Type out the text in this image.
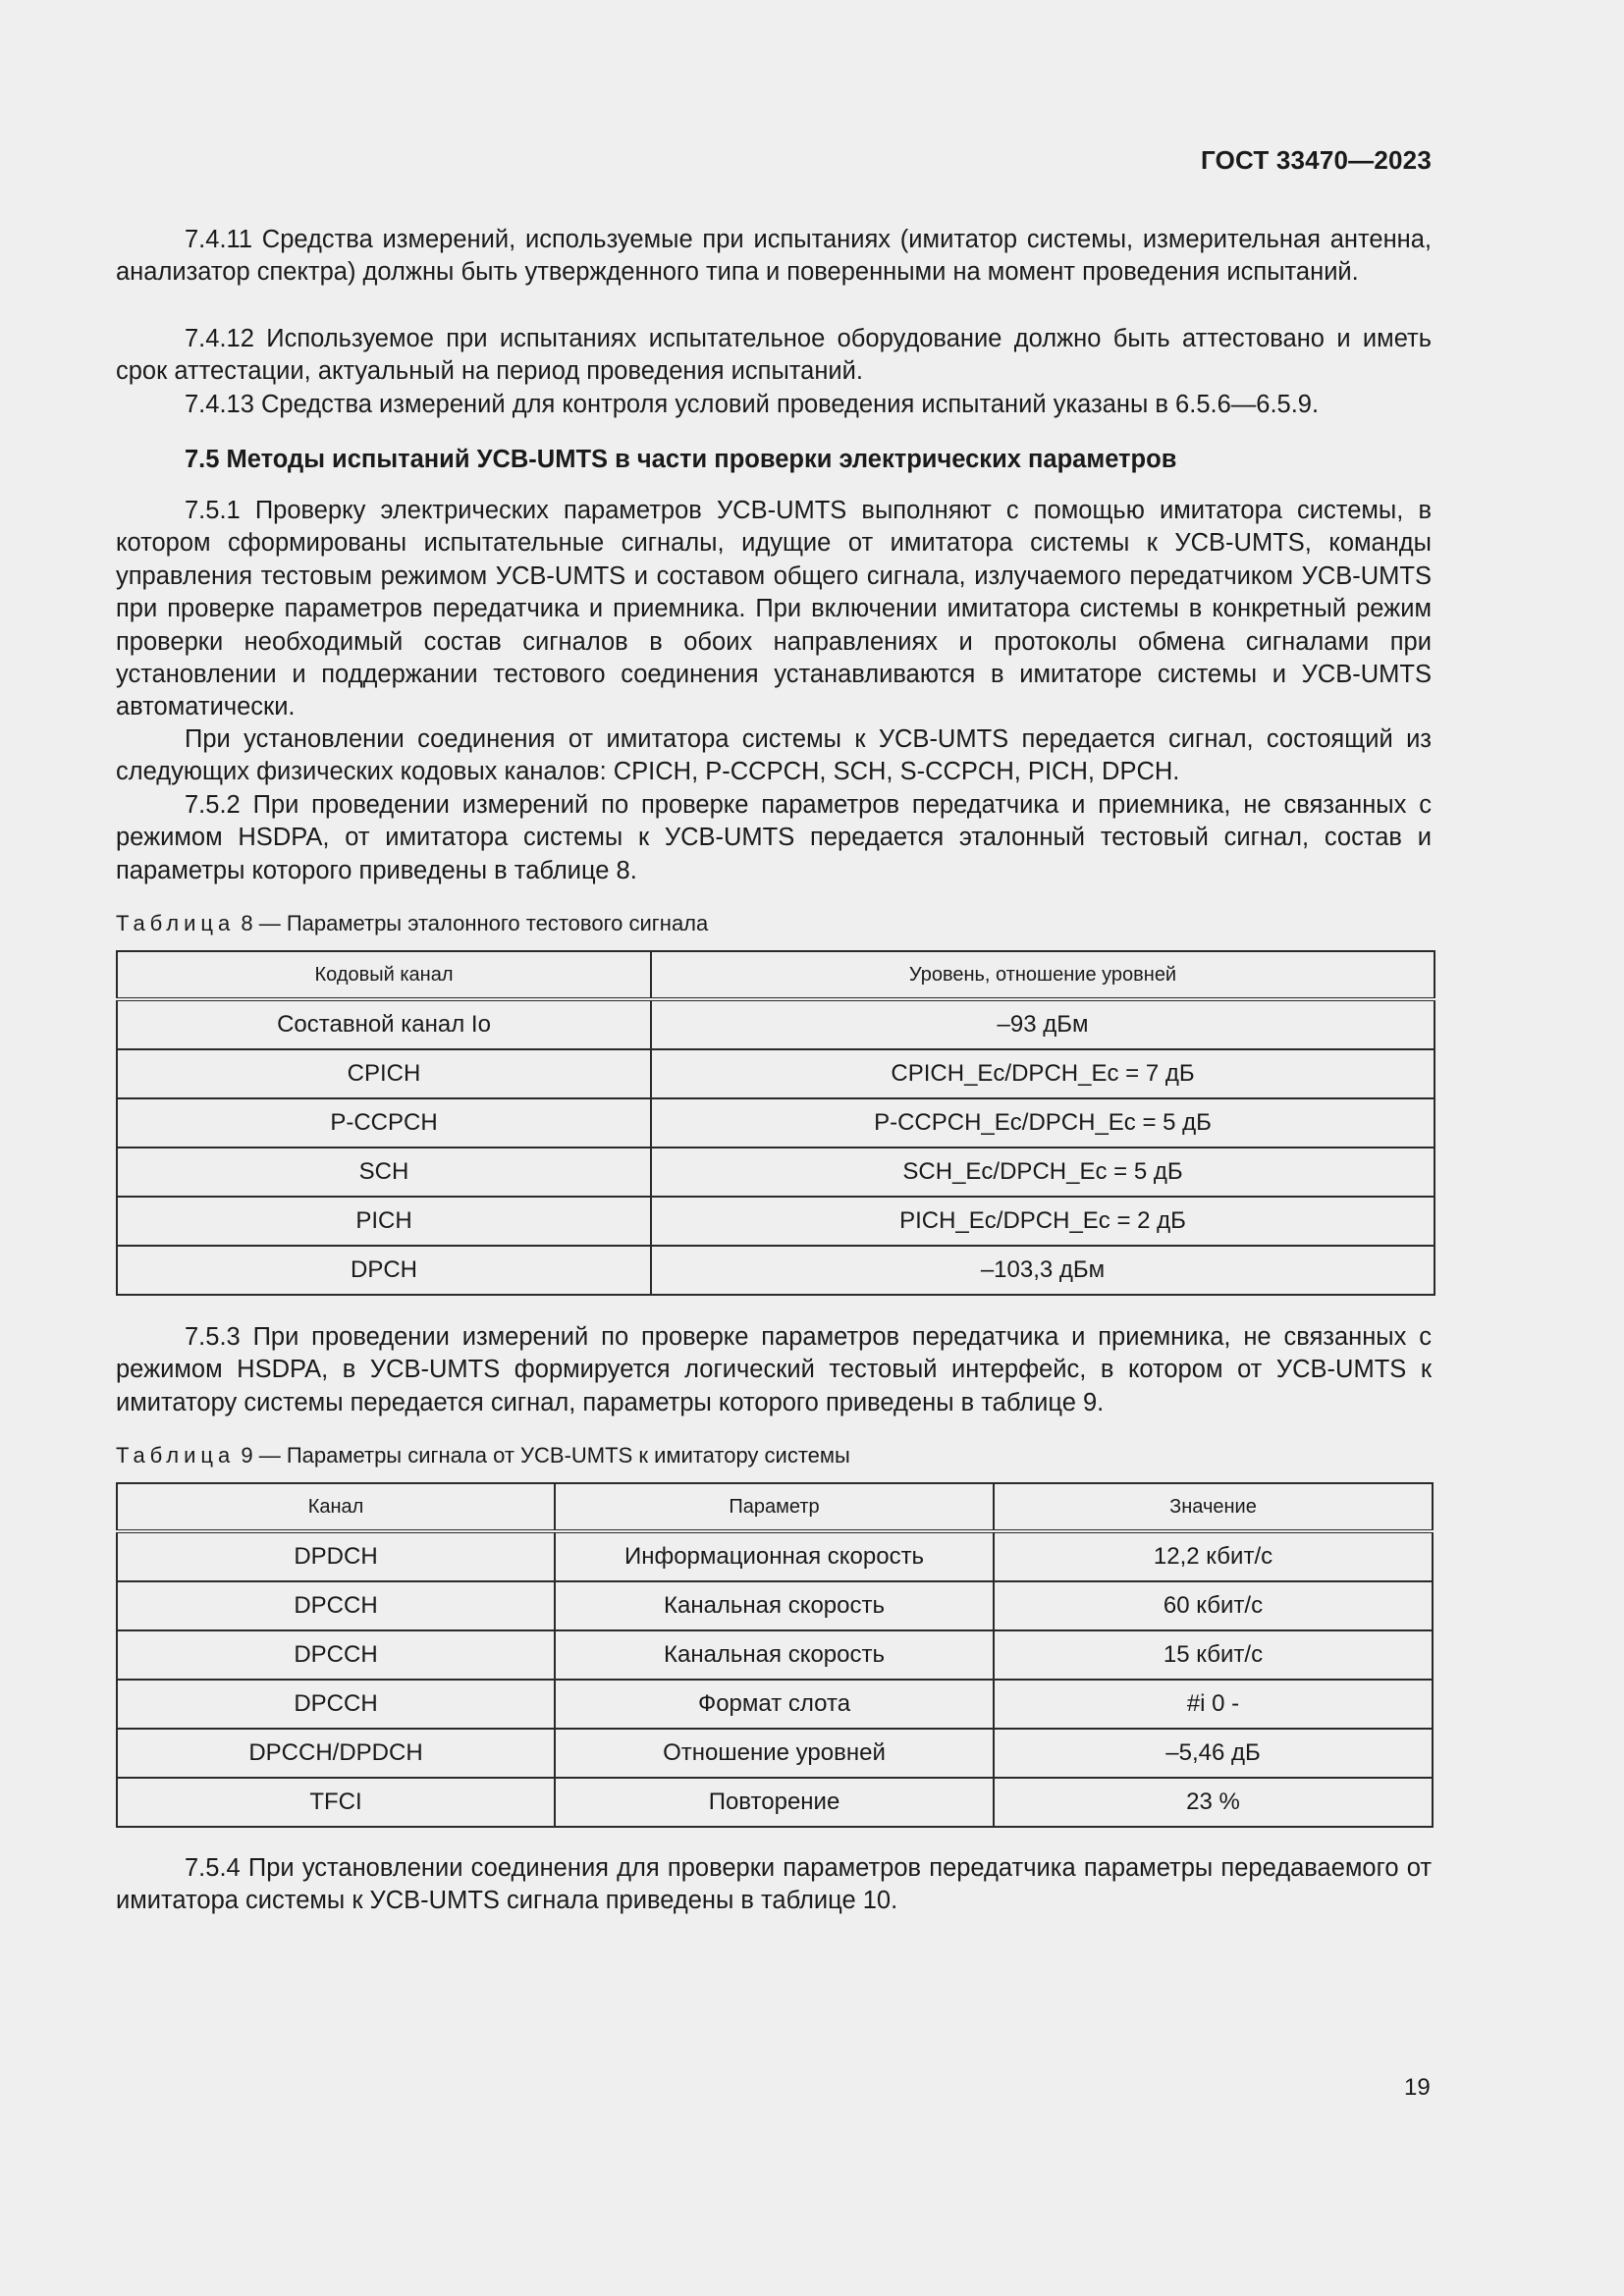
ГОСТ 33470—2023
7.4.11 Средства измерений, используемые при испытаниях (имитатор системы, измерительная антенна, анализатор спектра) должны быть утвержденного типа и поверенными на момент проведения испытаний.
7.4.12 Используемое при испытаниях испытательное оборудование должно быть аттестовано и иметь срок аттестации, актуальный на период проведения испытаний.
7.4.13 Средства измерений для контроля условий проведения испытаний указаны в 6.5.6—6.5.9.
7.5 Методы испытаний УСВ-UMTS в части проверки электрических параметров
7.5.1 Проверку электрических параметров УСВ-UMTS выполняют с помощью имитатора системы, в котором сформированы испытательные сигналы, идущие от имитатора системы к УСВ-UMTS, команды управления тестовым режимом УСВ-UMTS и составом общего сигнала, излучаемого передатчиком УСВ-UMTS при проверке параметров передатчика и приемника. При включении имитатора системы в конкретный режим проверки необходимый состав сигналов в обоих направлениях и протоколы обмена сигналами при установлении и поддержании тестового соединения устанавливаются в имитаторе системы и УСВ-UMTS автоматически.
При установлении соединения от имитатора системы к УСВ-UMTS передается сигнал, состоящий из следующих физических кодовых каналов: CPICH, P-CCPCH, SCH, S-CCPCH, PICH, DPCH.
7.5.2 При проведении измерений по проверке параметров передатчика и приемника, не связанных с режимом HSDPA, от имитатора системы к УСВ-UMTS передается эталонный тестовый сигнал, состав и параметры которого приведены в таблице 8.
Таблица 8 — Параметры эталонного тестового сигнала
Кодовый канал	Уровень, отношение уровней
Составной канал Io	–93 дБм
CPICH	CPICH_Ec/DPCH_Ec = 7 дБ
P-CCPCH	P-CCPCH_Ec/DPCH_Ec = 5 дБ
SCH	SCH_Ec/DPCH_Ec = 5 дБ
PICH	PICH_Ec/DPCH_Ec = 2 дБ
DPCH	–103,3 дБм
7.5.3 При проведении измерений по проверке параметров передатчика и приемника, не связанных с режимом HSDPA, в УСВ-UMTS формируется логический тестовый интерфейс, в котором от УСВ-UMTS к имитатору системы передается сигнал, параметры которого приведены в таблице 9.
Таблица 9 — Параметры сигнала от УСВ-UMTS к имитатору системы
Канал	Параметр	Значение
DPDCH	Информационная скорость	12,2 кбит/с
DPCCH	Канальная скорость	60 кбит/с
DPCCH	Канальная скорость	15 кбит/с
DPCCH	Формат слота	#i 0 -
DPCCH/DPDCH	Отношение уровней	–5,46 дБ
TFCI	Повторение	23 %
7.5.4 При установлении соединения для проверки параметров передатчика параметры передаваемого от имитатора системы к УСВ-UMTS сигнала приведены в таблице 10.
19
